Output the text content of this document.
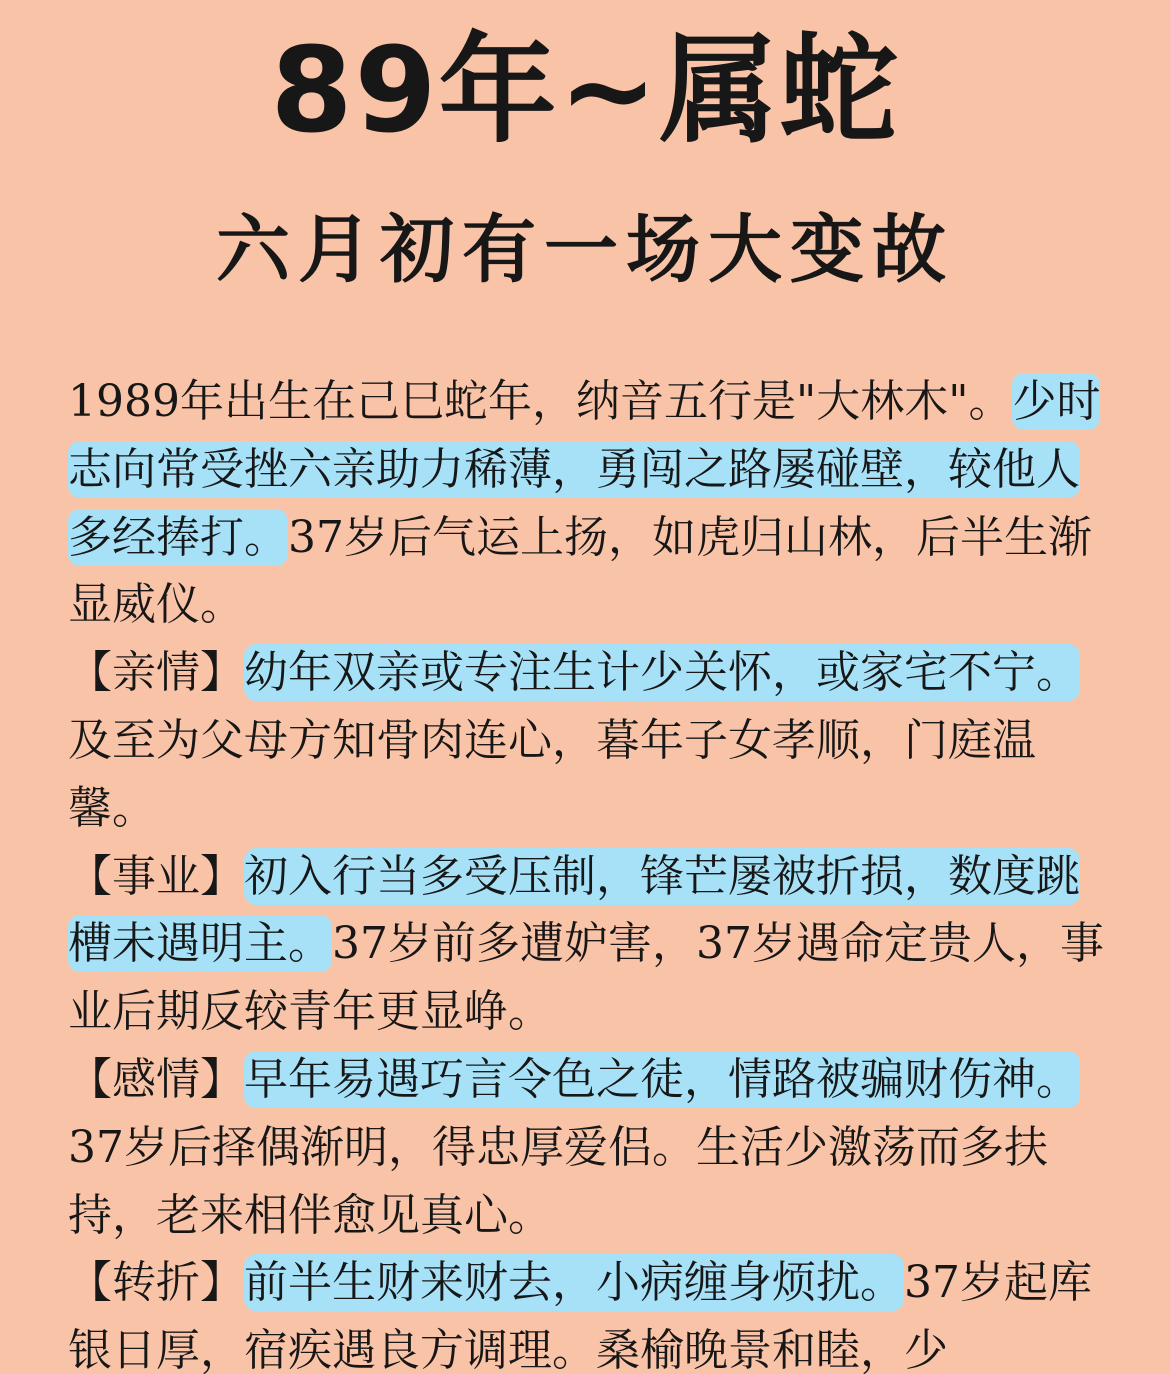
89年~属蛇
六月初有一场大变故

1989年出生在己巳蛇年，纳音五行是"大林木"。少时志向常受挫六亲助力稀薄，勇闯之路屡碰壁，较他人多经捧打。37岁后气运上扬，如虎归山林，后半生渐显威仪。

【亲情】幼年双亲或专注生计少关怀，或家宅不宁。及至为父母方知骨肉连心，暮年子女孝顺，门庭温馨。

【事业】初入行当多受压制，锋芒屡被折损，数度跳槽未遇明主。37岁前多遭妒害，37岁遇命定贵人，事业后期反较青年更显峥。

【感情】早年易遇巧言令色之徒，情路被骗财伤神。37岁后择偶渐明，得忠厚爱侣。生活少激荡而多扶持，老来相伴愈见真心。

【转折】前半生财来财去，小病缠身烦扰。37岁起库银日厚，宿疾遇良方调理。桑榆晚景和睦，少
